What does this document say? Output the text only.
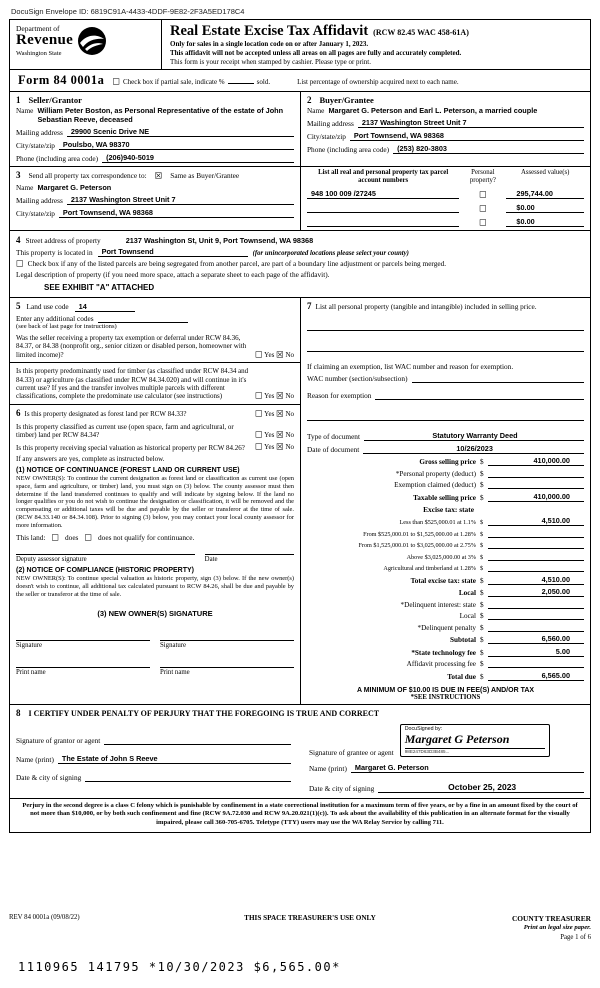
DocuSign Envelope ID: 6819C91A-4433-4DDF-9E82-2F3A5ED178C4
Department of
Revenue
Washington State
Real Estate Excise Tax Affidavit (RCW 82.45 WAC 458-61A)
Only for sales in a single location code on or after January 1, 2023.
This affidavit will not be accepted unless all areas on all pages are fully and accurately completed.
This form is your receipt when stamped by cashier. Please type or print.
Form 84 0001a ☐ Check box if partial sale, indicate %	sold.	List percentage of ownership acquired next to each name.
1 Seller/Grantor
Name William Peter Boston, as Personal Representative of the estate of John Sebastian Reeve, deceased
Mailing address	29900 Scenic Drive NE
City/state/zip	Poulsbo, WA 98370
Phone (including area code)	(206)940-5019
2 Buyer/Grantee
Name Margaret G. Peterson and Earl L. Peterson, a married couple
Mailing address	2137 Washington Street Unit 7
City/state/zip	Port Townsend, WA 98368
Phone (including area code)	(253) 820-3803
3 Send all property tax correspondence to: ☒ Same as Buyer/Grantee
Name Margaret G. Peterson
Mailing address	2137 Washington Street Unit 7
City/state/zip	Port Townsend, WA 98368
List all real and personal property tax parcel account numbers
Personal property?
Assessed value(s)
948 100 009 /27245	☐	295,744.00
☐	$0.00
☐	$0.00
4 Street address of property	2137 Washington St, Unit 9, Port Townsend, WA 98368
This property is located in	Port Townsend	(for unincorporated locations please select your county)
☐ Check box if any of the listed parcels are being segregated from another parcel, are part of a boundary line adjustment or parcels being merged.
Legal description of property (if you need more space, attach a separate sheet to each page of the affidavit).
SEE EXHIBIT "A" ATTACHED
5 Land use code	14
Enter any additional codes
(see back of last page for instructions)
Was the seller receiving a property tax exemption or deferral under RCW 84.36, 84.37, or 84.38 (nonprofit org., senior citizen or disabled person, homeowner with limited income)?	☐ Yes ☒ No
Is this property predominantly used for timber (as classified under RCW 84.34 and 84.33) or agriculture (as classified under RCW 84.34.020) and will continue in it's current use? If yes and the transfer involves multiple parcels with different classifications, complete the predominate use calculator (see instructions)	☐ Yes ☒ No
6 Is this property designated as forest land per RCW 84.33?	☐ Yes ☒ No
Is this property classified as current use (open space, farm and agricultural, or timber) land per RCW 84.34?	☐ Yes ☒ No
Is this property receiving special valuation as historical property per RCW 84.26?	☐ Yes ☒ No
If any answers are yes, complete as instructed below.
(1) NOTICE OF CONTINUANCE (FOREST LAND OR CURRENT USE)
NEW OWNER(S): To continue the current designation as forest land or classification as current use (open space, farm and agriculture, or timber) land, you must sign on (3) below. The county assessor must then determine if the land transferred continues to qualify and will indicate by signing below. If the land no longer qualifies or you do not wish to continue the designation or classification, it will be removed and the compensating or additional taxes will be due and payable by the seller or transferor at the time of sale. (RCW 84.33.140 or 84.34.108). Prior to signing (3) below, you may contact your local county assessor for more information.
This land: ☐ does ☐ does not qualify for continuance.
Deputy assessor signature	Date
(2) NOTICE OF COMPLIANCE (HISTORIC PROPERTY)
NEW OWNER(S): To continue special valuation as historic property, sign (3) below. If the new owner(s) doesn't wish to continue, all additional tax calculated pursuant to RCW 84.26, shall be due and payable by the seller or transferor at the time of sale.
(3) NEW OWNER(S) SIGNATURE
Signature	Signature
Print name	Print name
7 List all personal property (tangible and intangible) included in selling price.
If claiming an exemption, list WAC number and reason for exemption.
WAC number (section/subsection)
Reason for exemption
Type of document	Statutory Warranty Deed
Date of document	10/26/2023
Gross selling price $	410,000.00
*Personal property (deduct) $
Exemption claimed (deduct) $
Taxable selling price $	410,000.00
Excise tax: state
Less than $525,000.01 at 1.1% $	4,510.00
From $525,000.01 to $1,525,000.00 at 1.28% $
From $1,525,000.01 to $3,025,000.00 at 2.75% $
Above $3,025,000.00 at 3% $
Agricultural and timberland at 1.28% $
Total excise tax: state $	4,510.00
Local $	2,050.00
*Delinquent interest: state $
Local $
*Delinquent penalty $
Subtotal $	6,560.00
*State technology fee $	5.00
Affidavit processing fee $
Total due $	6,565.00
A MINIMUM OF $10.00 IS DUE IN FEE(S) AND/OR TAX
*SEE INSTRUCTIONS
8 I CERTIFY UNDER PENALTY OF PERJURY THAT THE FOREGOING IS TRUE AND CORRECT
Signature of grantor or agent
Name (print)	The Estate of John S Reeve
Date & city of signing
Signature of grantee or agent
DocuSigned by:
Margaret G Peterson
98E247D63D3B485...
Name (print)	Margaret G. Peterson
Date & city of signing	October 25, 2023
Perjury in the second degree is a class C felony which is punishable by confinement in a state correctional institution for a maximum term of five years, or by a fine in an amount fixed by the court of not more than $10,000, or by both such confinement and fine (RCW 9A.72.030 and RCW 9A.20.021(1)(c)). To ask about the availability of this publication in an alternate format for the visually impaired, please call 360-705-6705. Teletype (TTY) users may use the WA Relay Service by calling 711.
REV 84 0001a (09/08/22)	THIS SPACE TREASURER'S USE ONLY	COUNTY TREASURER
Print an legal size paper.
Page 1 of 6
1110965 141795 *10/30/2023 $6,565.00*
